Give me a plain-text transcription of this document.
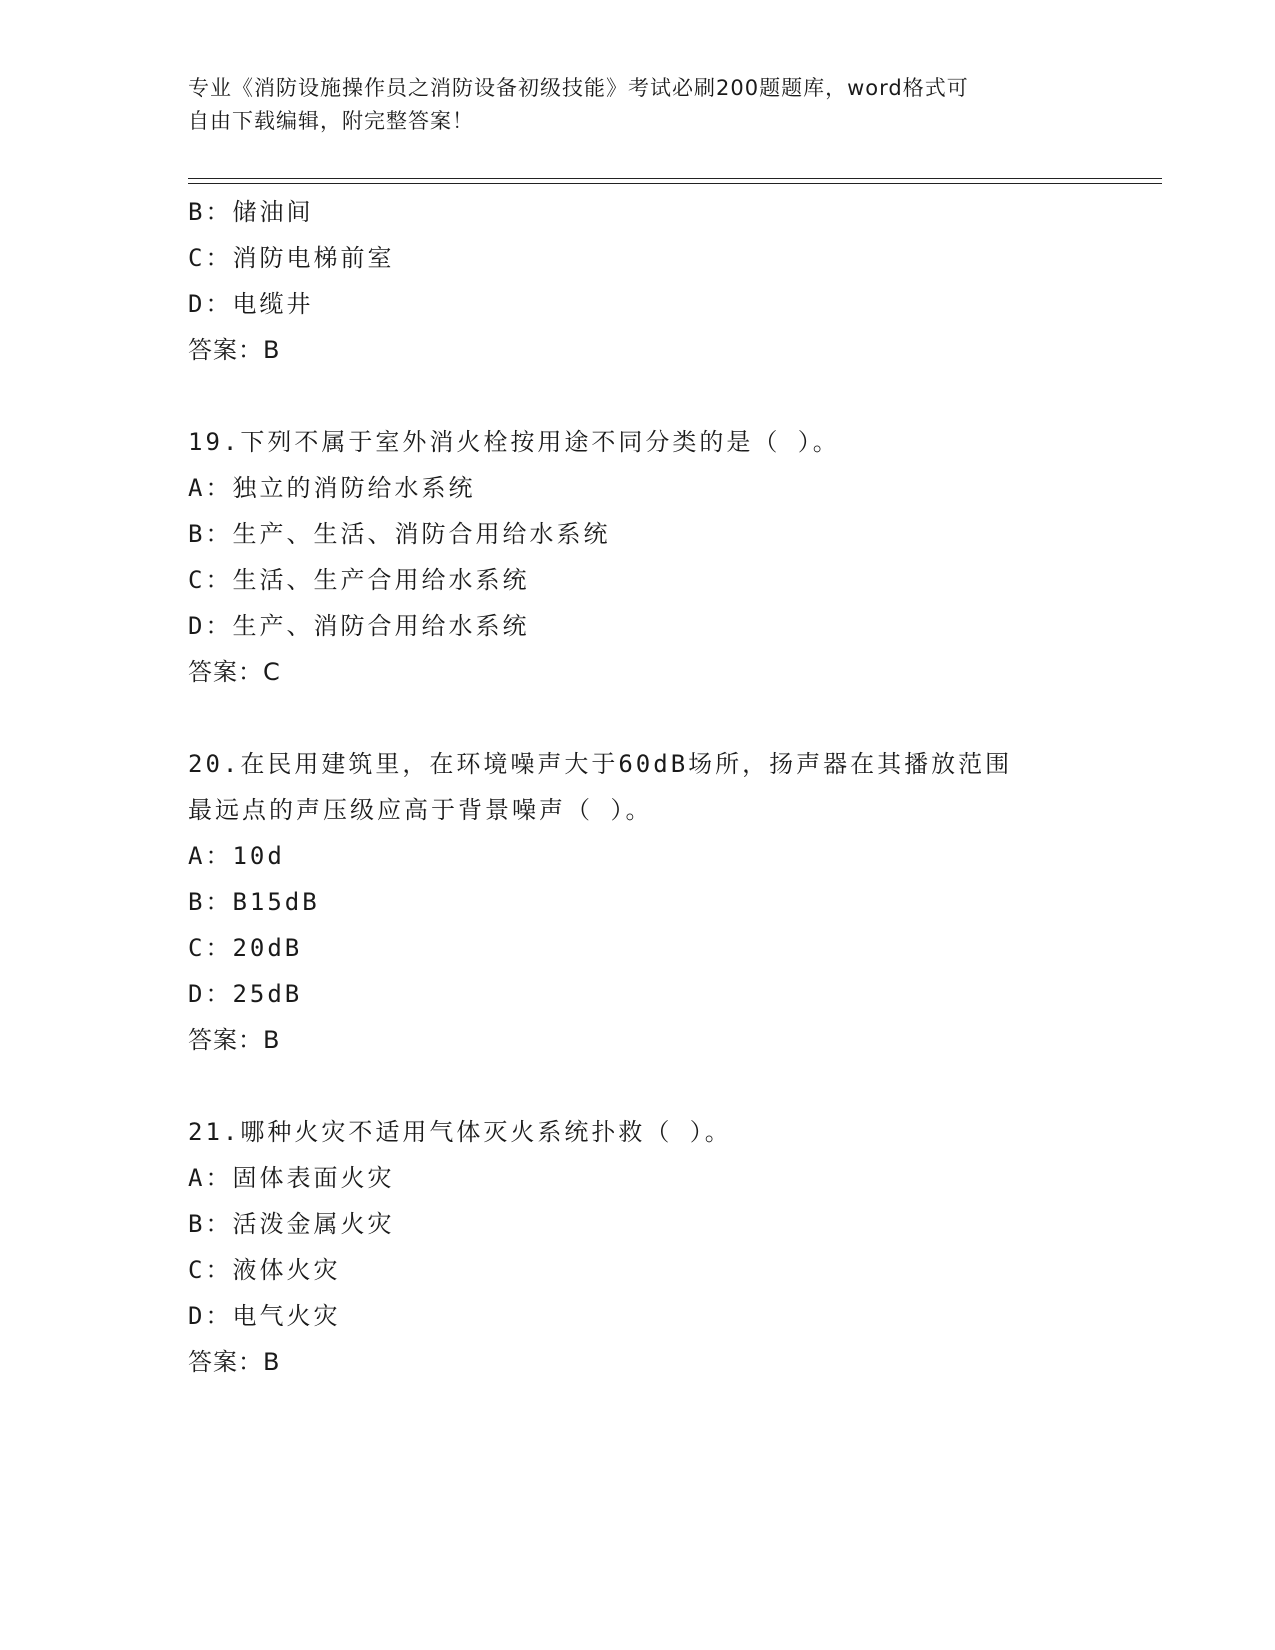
专业《消防设施操作员之消防设备初级技能》考试必刷200题题库，word格式可
自由下载编辑，附完整答案！
B：储油间
C：消防电梯前室
D：电缆井
答案：B
19.下列不属于室外消火栓按用途不同分类的是（ ）。
A：独立的消防给水系统
B：生产、生活、消防合用给水系统
C：生活、生产合用给水系统
D：生产、消防合用给水系统
答案：C
20.在民用建筑里，在环境噪声大于60dB场所，扬声器在其播放范围
最远点的声压级应高于背景噪声（ ）。
A：10d
B：B15dB
C：20dB
D：25dB
答案：B
21.哪种火灾不适用气体灭火系统扑救（ ）。
A：固体表面火灾
B：活泼金属火灾
C：液体火灾
D：电气火灾
答案：B
